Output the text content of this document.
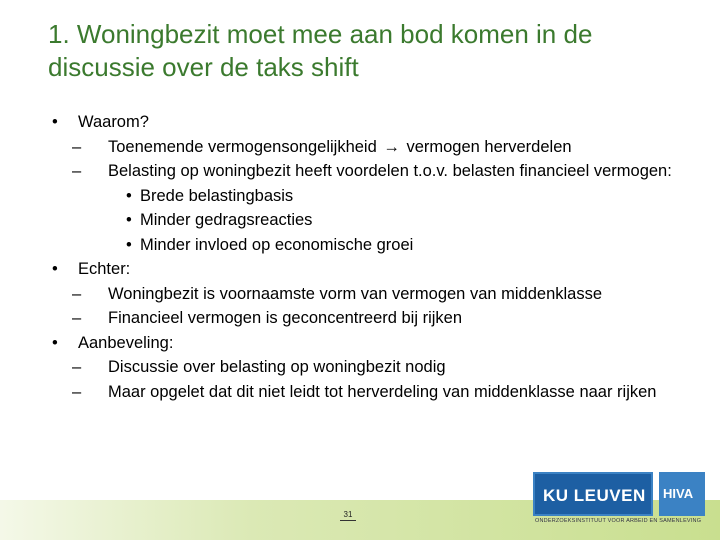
1. Woningbezit moet mee aan bod komen in de discussie over de taks shift
• Waarom?
– Toenemende vermogensongelijkheid → vermogen herverdelen
– Belasting op woningbezit heeft voordelen t.o.v. belasten financieel vermogen:
• Brede belastingbasis
• Minder gedragsreacties
• Minder invloed op economische groei
• Echter:
– Woningbezit is voornaamste vorm van vermogen van middenklasse
– Financieel vermogen is geconcentreerd bij rijken
• Aanbeveling:
– Discussie over belasting op woningbezit nodig
– Maar opgelet dat dit niet leidt tot herverdeling van middenklasse naar rijken
31
KU LEUVEN HIVA
ONDERZOEKSINSTITUUT VOOR ARBEID EN SAMENLEVING
